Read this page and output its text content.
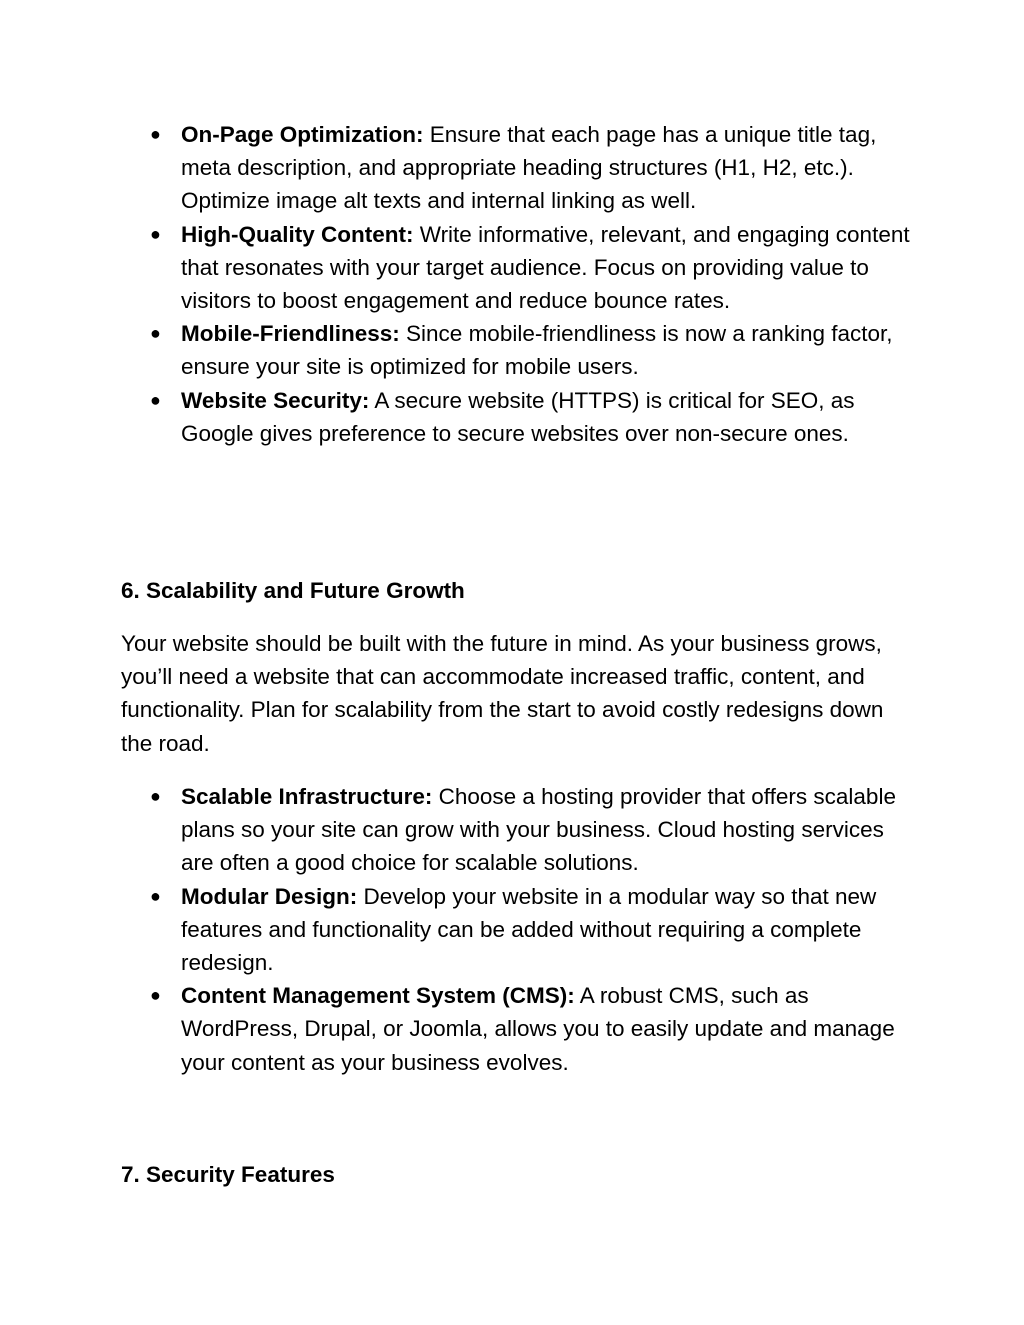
● On-Page Optimization: Ensure that each page has a unique title tag, meta description, and appropriate heading structures (H1, H2, etc.). Optimize image alt texts and internal linking as well.
● High-Quality Content: Write informative, relevant, and engaging content that resonates with your target audience. Focus on providing value to visitors to boost engagement and reduce bounce rates.
● Mobile-Friendliness: Since mobile-friendliness is now a ranking factor, ensure your site is optimized for mobile users.
● Website Security: A secure website (HTTPS) is critical for SEO, as Google gives preference to secure websites over non-secure ones.
6. Scalability and Future Growth

Your website should be built with the future in mind. As your business grows, you’ll need a website that can accommodate increased traffic, content, and functionality. Plan for scalability from the start to avoid costly redesigns down the road.

● Scalable Infrastructure: Choose a hosting provider that offers scalable plans so your site can grow with your business. Cloud hosting services are often a good choice for scalable solutions.
● Modular Design: Develop your website in a modular way so that new features and functionality can be added without requiring a complete redesign.
● Content Management System (CMS): A robust CMS, such as WordPress, Drupal, or Joomla, allows you to easily update and manage your content as your business evolves.
7. Security Features
